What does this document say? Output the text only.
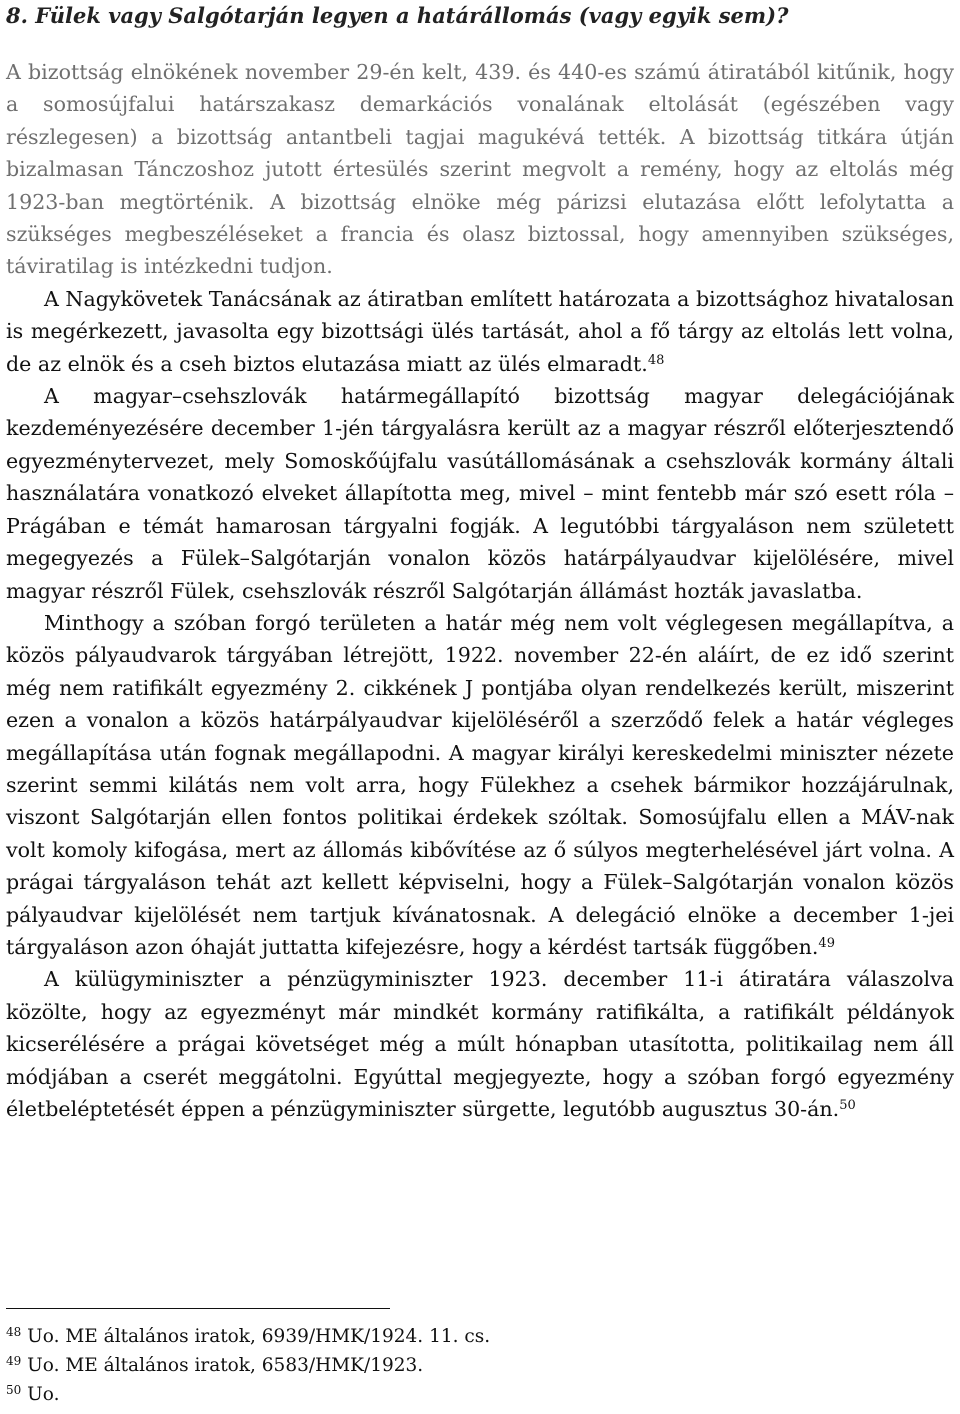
8. Fülek vagy Salgótarján legyen a határállomás (vagy egyik sem)?

A bizottság elnökének november 29-én kelt, 439. és 440-es számú átiratából kitűnik, hogy a somosújfalui határszakasz demarkációs vonalának eltolását (egészében vagy részlegesen) a bizottság antantbeli tagjai magukévá tették. A bizottság titkára útján bizalmasan Tánczoshoz jutott értesülés szerint megvolt a remény, hogy az eltolás még 1923-ban megtörténik. A bizottság elnöke még párizsi elutazása előtt lefolytatta a szükséges megbeszéléseket a francia és olasz biztossal, hogy amennyiben szükséges, táviratilag is intézkedni tudjon.

A Nagykövetek Tanácsának az átiratban említett határozata a bizottsághoz hivatalosan is megérkezett, javasolta egy bizottsági ülés tartását, ahol a fő tárgy az eltolás lett volna, de az elnök és a cseh biztos elutazása miatt az ülés elmaradt.$^{48}$

A magyar–csehszlovák határmegállapító bizottság magyar delegációjának kezdeményezésére december 1-jén tárgyalásra került az a magyar részről előterjesztendő egyezménytervezet, mely Somoskőújfalu vasútállomásának a csehszlovák kormány általi használatára vonatkozó elveket állapította meg, mivel – mint fentebb már szó esett róla – Prágában e témát hamarosan tárgyalni fogják. A legutóbbi tárgyaláson nem született megegyezés a Fülek–Salgótarján vonalon közös határpályaudvar kijelölésére, mivel magyar részről Fülek, csehszlovák részről Salgótarján állámást hozták javaslatba.

Minthogy a szóban forgó területen a határ még nem volt véglegesen megállapítva, a közös pályaudvarok tárgyában létrejött, 1922. november 22-én aláírt, de ez idő szerint még nem ratifikált egyezmény 2. cikkének J pontjába olyan rendelkezés került, miszerint ezen a vonalon a közös határpályaudvar kijelöléséről a szerződő felek a határ végleges megállapítása után fognak megállapodni. A magyar királyi kereskedelmi miniszter nézete szerint semmi kilátás nem volt arra, hogy Fülekhez a csehek bármikor hozzájárulnak, viszont Salgótarján ellen fontos politikai érdekek szóltak. Somosújfalu ellen a MÁV-nak volt komoly kifogása, mert az állomás kibővítése az ő súlyos megterhelésével járt volna. A prágai tárgyaláson tehát azt kellett képviselni, hogy a Fülek–Salgótarján vonalon közös pályaudvar kijelölését nem tartjuk kívánatosnak. A delegáció elnöke a december 1-jei tárgyaláson azon óhaját juttatta kifejezésre, hogy a kérdést tartsák függőben.$^{49}$

A külügyminiszter a pénzügyminiszter 1923. december 11-i átiratára válaszolva közölte, hogy az egyezményt már mindkét kormány ratifikálta, a ratifikált példányok kicserélésére a prágai követséget még a múlt hónapban utasította, politikailag nem áll módjában a cserét meggátolni. Egyúttal megjegyezte, hogy a szóban forgó egyezmény életbeléptetését éppen a pénzügyminiszter sürgette, legutóbb augusztus 30-án.$^{50}$

$^{48}$ Uo. ME általános iratok, 6939/HMK/1924. 11. cs.
$^{49}$ Uo. ME általános iratok, 6583/HMK/1923.
$^{50}$ Uo.
